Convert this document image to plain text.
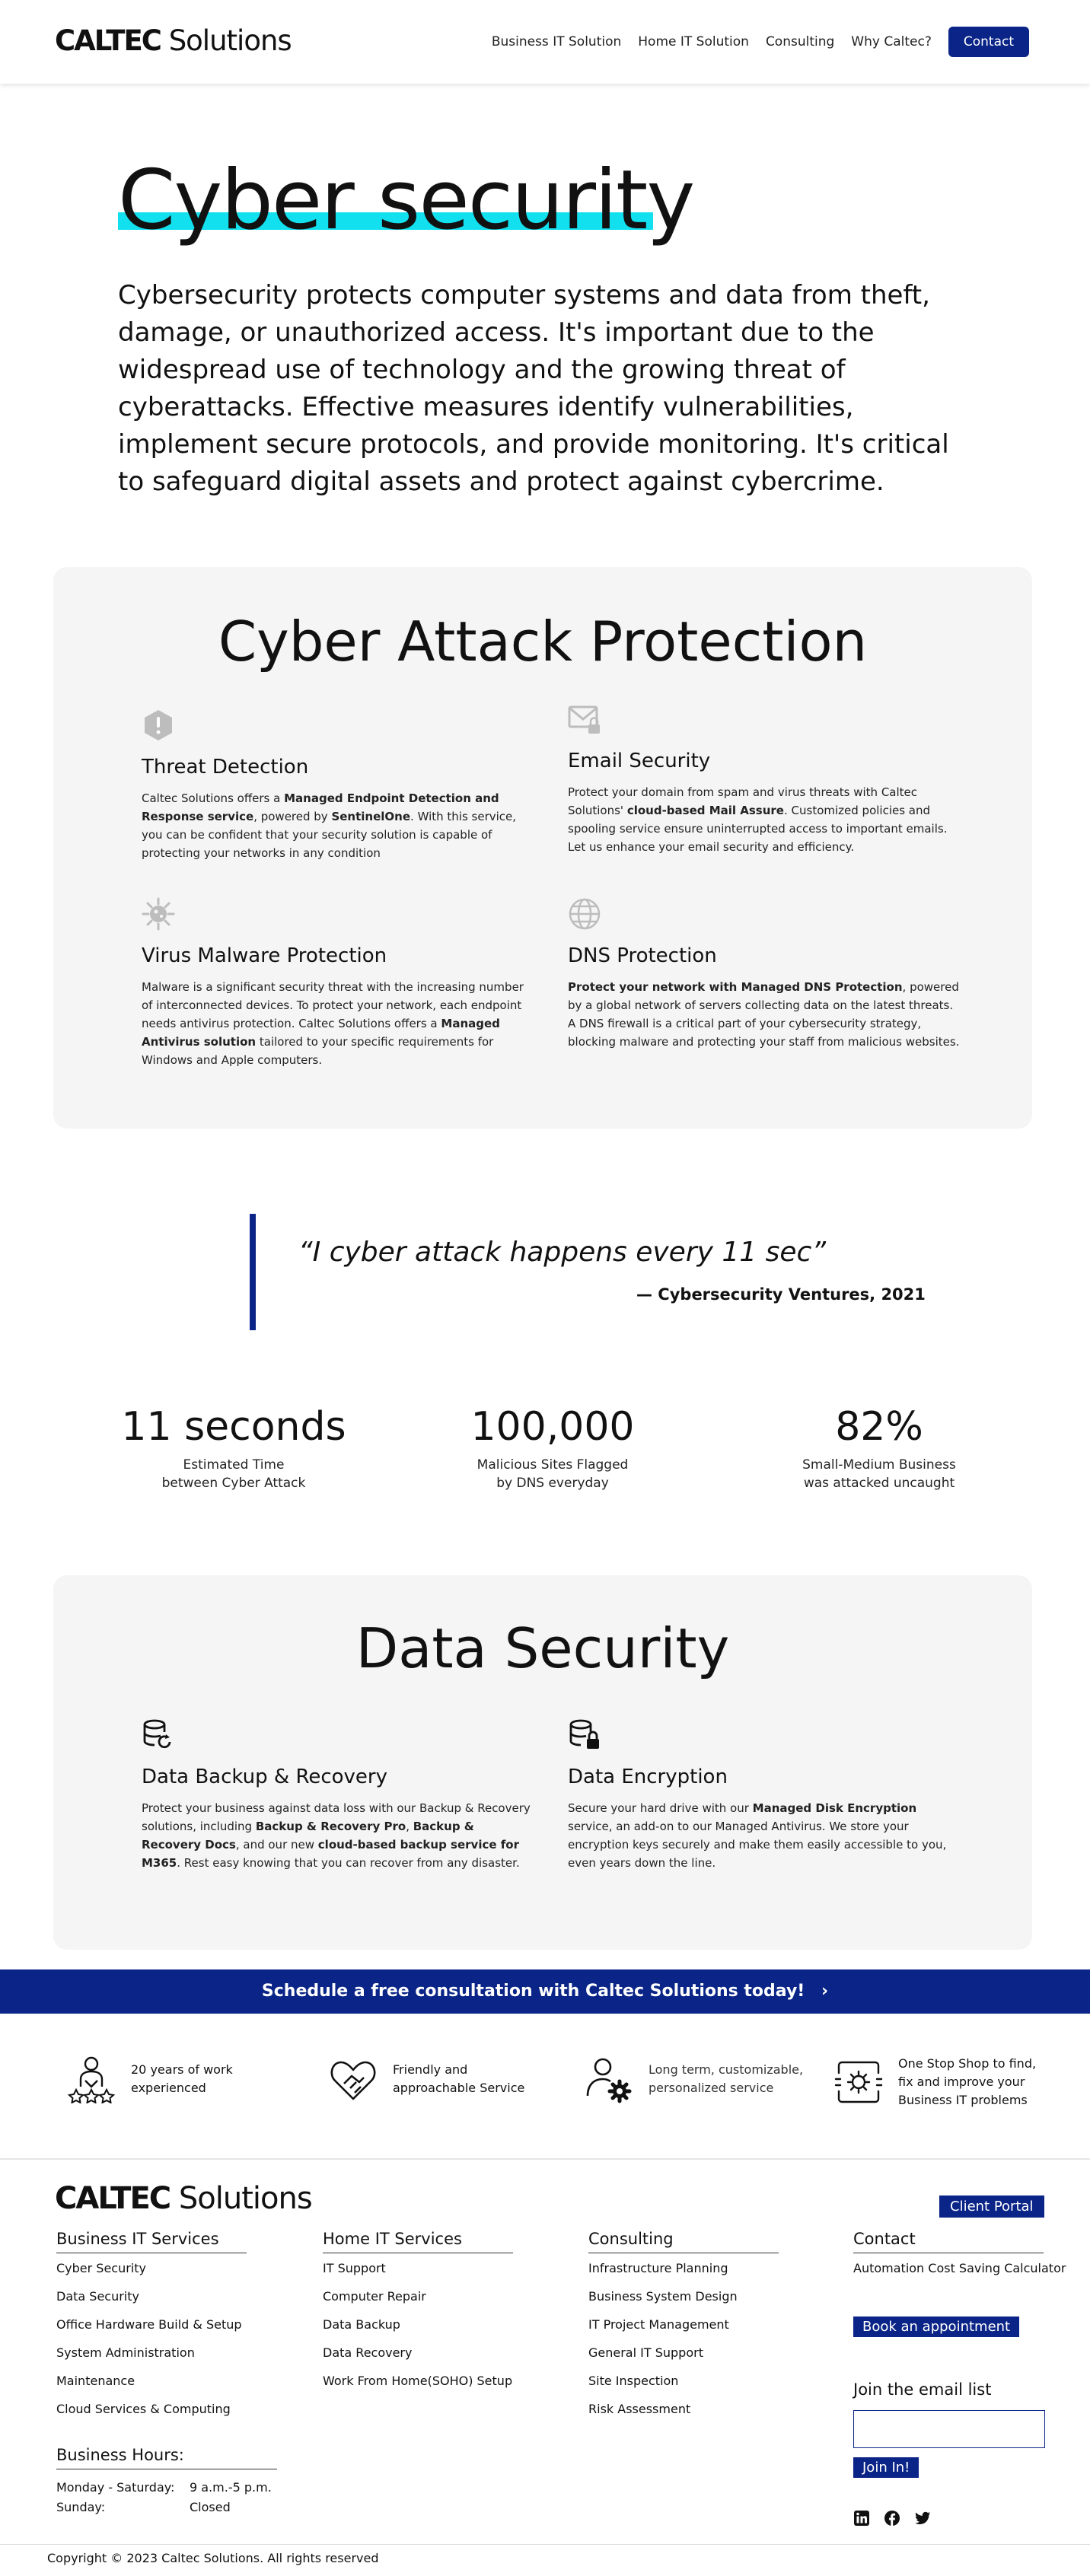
CALTEC Solutions	Business IT Solution Home IT Solution Consulting Why Caltec?	Contact
Cyber security

Cybersecurity protects computer systems and data from theft, damage, or unauthorized access. It's important due to the widespread use of technology and the growing threat of cyberattacks. Effective measures identify vulnerabilities, implement secure protocols, and provide monitoring. It's critical to safeguard digital assets and protect against cybercrime.

Cyber Attack Protection
Threat Detection

Caltec Solutions offers a Managed Endpoint Detection and Response service, powered by SentinelOne. With this service, you can be confident that your security solution is capable of protecting your networks in any condition

Email Security

Protect your domain from spam and virus threats with Caltec Solutions' cloud-based Mail Assure. Customized policies and spooling service ensure uninterrupted access to important emails. Let us enhance your email security and efficiency.

Virus Malware Protection

Malware is a significant security threat with the increasing number of interconnected devices. To protect your network, each endpoint needs antivirus protection. Caltec Solutions offers a Managed Antivirus solution tailored to your specific requirements for Windows and Apple computers.

DNS Protection

Protect your network with Managed DNS Protection, powered by a global network of servers collecting data on the latest threats. A DNS firewall is a critical part of your cybersecurity strategy, blocking malware and protecting your staff from malicious websites.

“I cyber attack happens every 11 sec”
— Cybersecurity Ventures, 2021
11 seconds
Estimated Time
between Cyber Attack
100,000
Malicious Sites Flagged
by DNS everyday
82%
Small-Medium Business
was attacked uncaught
Data Security
Data Backup & Recovery

Protect your business against data loss with our Backup & Recovery solutions, including Backup & Recovery Pro, Backup & Recovery Docs, and our new cloud-based backup service for M365. Rest easy knowing that you can recover from any disaster.

Data Encryption

Secure your hard drive with our Managed Disk Encryption service, an add-on to our Managed Antivirus. We store your encryption keys securely and make them easily accessible to you, even years down the line.

Schedule a free consultation with Caltec Solutions today! ›
20 years of work experienced
Friendly and approachable Service
Long term, customizable, personalized service
One Stop Shop to find, fix and improve your Business IT problems
CALTEC Solutions	Client Portal
Business IT Services
Cyber Security
Data Security
Office Hardware Build & Setup
System Administration
Maintenance
Cloud Services & Computing
Home IT Services
IT Support
Computer Repair
Data Backup
Data Recovery
Work From Home(SOHO) Setup
Consulting
Infrastructure Planning
Business System Design
IT Project Management
General IT Support
Site Inspection
Risk Assessment
Contact
Automation Cost Saving Calculator
Book an appointment
Join the email list
Join In!
Business Hours:
Monday - Saturday:	9 a.m.-5 p.m.
Sunday:	Closed
Copyright © 2023 Caltec Solutions. All rights reserved
